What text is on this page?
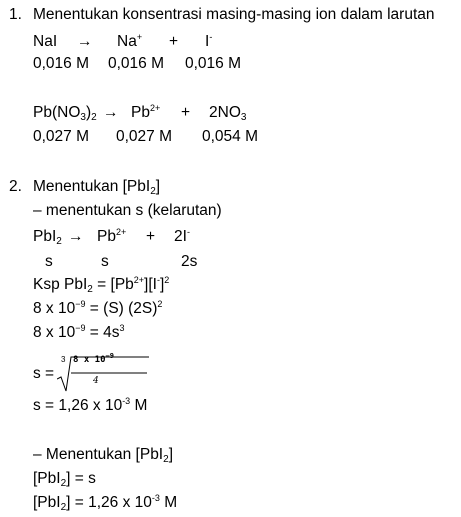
1. Menentukan konsentrasi masing-masing ion dalam larutan
NaI → Na+ + I-
0,016 M 0,016 M 0,016 M
$Pb(NO_3)_2 \to Pb^{2+} + 2NO_3$
0,027 M 0,027 M 0,054 M
2. Menentukan [PbI$_2$]
– menentukan s (kelarutan)
$PbI_2 \to Pb^{2+} + 2I^-$
s	s	2s
Ksp $PbI_2 = [Pb^{2+}][I^-]^2$
8 x $10^{-9} = (S)$ $(2S)^2$
8 x $10^{-9} = 4s^3$
s =
3 8 x $10^{-9}$
4
s = 1,26 x $10^{-3}$ M
– Menentukan [PbI$_2$]
[PbI$_2$] = s
[PbI$_2$] = 1,26 x $10^{-3}$ M
